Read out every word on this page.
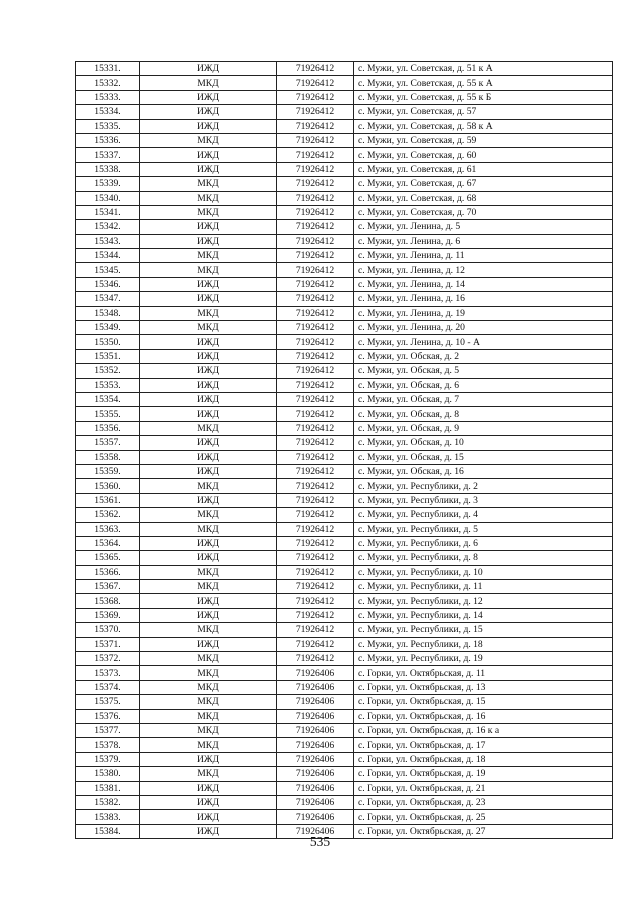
15331.	ИЖД	71926412	с. Мужи, ул. Советская, д. 51 к А
15332.	МКД	71926412	с. Мужи, ул. Советская, д. 55 к А
15333.	ИЖД	71926412	с. Мужи, ул. Советская, д. 55 к Б
15334.	ИЖД	71926412	с. Мужи, ул. Советская, д. 57
15335.	ИЖД	71926412	с. Мужи, ул. Советская, д. 58 к А
15336.	МКД	71926412	с. Мужи, ул. Советская, д. 59
15337.	ИЖД	71926412	с. Мужи, ул. Советская, д. 60
15338.	ИЖД	71926412	с. Мужи, ул. Советская, д. 61
15339.	МКД	71926412	с. Мужи, ул. Советская, д. 67
15340.	МКД	71926412	с. Мужи, ул. Советская, д. 68
15341.	МКД	71926412	с. Мужи, ул. Советская, д. 70
15342.	ИЖД	71926412	с. Мужи, ул. Ленина, д. 5
15343.	ИЖД	71926412	с. Мужи, ул. Ленина, д. 6
15344.	МКД	71926412	с. Мужи, ул. Ленина, д. 11
15345.	МКД	71926412	с. Мужи, ул. Ленина, д. 12
15346.	ИЖД	71926412	с. Мужи, ул. Ленина, д. 14
15347.	ИЖД	71926412	с. Мужи, ул. Ленина, д. 16
15348.	МКД	71926412	с. Мужи, ул. Ленина, д. 19
15349.	МКД	71926412	с. Мужи, ул. Ленина, д. 20
15350.	ИЖД	71926412	с. Мужи, ул. Ленина, д. 10 - А
15351.	ИЖД	71926412	с. Мужи, ул. Обская, д. 2
15352.	ИЖД	71926412	с. Мужи, ул. Обская, д. 5
15353.	ИЖД	71926412	с. Мужи, ул. Обская, д. 6
15354.	ИЖД	71926412	с. Мужи, ул. Обская, д. 7
15355.	ИЖД	71926412	с. Мужи, ул. Обская, д. 8
15356.	МКД	71926412	с. Мужи, ул. Обская, д. 9
15357.	ИЖД	71926412	с. Мужи, ул. Обская, д. 10
15358.	ИЖД	71926412	с. Мужи, ул. Обская, д. 15
15359.	ИЖД	71926412	с. Мужи, ул. Обская, д. 16
15360.	МКД	71926412	с. Мужи, ул. Республики, д. 2
15361.	ИЖД	71926412	с. Мужи, ул. Республики, д. 3
15362.	МКД	71926412	с. Мужи, ул. Республики, д. 4
15363.	МКД	71926412	с. Мужи, ул. Республики, д. 5
15364.	ИЖД	71926412	с. Мужи, ул. Республики, д. 6
15365.	ИЖД	71926412	с. Мужи, ул. Республики, д. 8
15366.	МКД	71926412	с. Мужи, ул. Республики, д. 10
15367.	МКД	71926412	с. Мужи, ул. Республики, д. 11
15368.	ИЖД	71926412	с. Мужи, ул. Республики, д. 12
15369.	ИЖД	71926412	с. Мужи, ул. Республики, д. 14
15370.	МКД	71926412	с. Мужи, ул. Республики, д. 15
15371.	ИЖД	71926412	с. Мужи, ул. Республики, д. 18
15372.	МКД	71926412	с. Мужи, ул. Республики, д. 19
15373.	МКД	71926406	с. Горки, ул. Октябрьская, д. 11
15374.	МКД	71926406	с. Горки, ул. Октябрьская, д. 13
15375.	МКД	71926406	с. Горки, ул. Октябрьская, д. 15
15376.	МКД	71926406	с. Горки, ул. Октябрьская, д. 16
15377.	МКД	71926406	с. Горки, ул. Октябрьская, д. 16 к а
15378.	МКД	71926406	с. Горки, ул. Октябрьская, д. 17
15379.	ИЖД	71926406	с. Горки, ул. Октябрьская, д. 18
15380.	МКД	71926406	с. Горки, ул. Октябрьская, д. 19
15381.	ИЖД	71926406	с. Горки, ул. Октябрьская, д. 21
15382.	ИЖД	71926406	с. Горки, ул. Октябрьская, д. 23
15383.	ИЖД	71926406	с. Горки, ул. Октябрьская, д. 25
15384.	ИЖД	71926406	с. Горки, ул. Октябрьская, д. 27
535
